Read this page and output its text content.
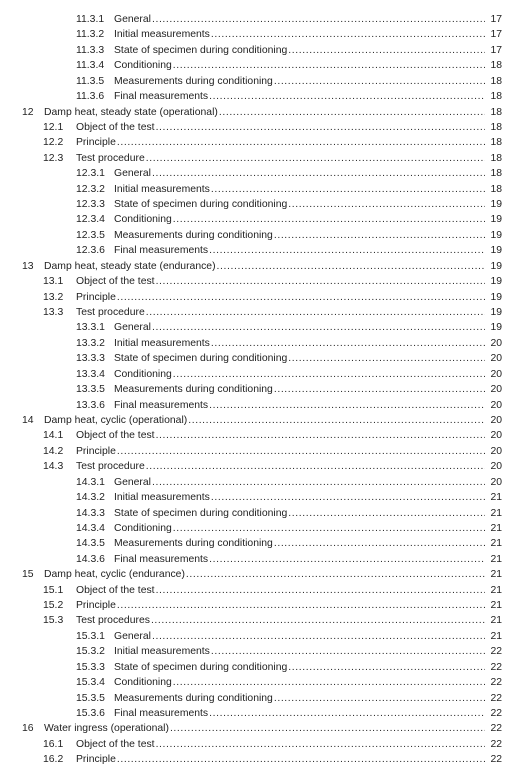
11.3.1 General .....	17
11.3.2 Initial measurements .....	17
11.3.3 State of specimen during conditioning .....	17
11.3.4 Conditioning .....	18
11.3.5 Measurements during conditioning .....	18
11.3.6 Final measurements .....	18
12	Damp heat, steady state (operational) .....	18
12.1	Object of the test .....	18
12.2	Principle .....	18
12.3	Test procedure .....	18
12.3.1 General .....	18
12.3.2 Initial measurements .....	18
12.3.3 State of specimen during conditioning .....	19
12.3.4 Conditioning .....	19
12.3.5 Measurements during conditioning .....	19
12.3.6 Final measurements .....	19
13	Damp heat, steady state (endurance) .....	19
13.1	Object of the test .....	19
13.2	Principle .....	19
13.3	Test procedure .....	19
13.3.1 General .....	19
13.3.2 Initial measurements .....	20
13.3.3 State of specimen during conditioning .....	20
13.3.4 Conditioning .....	20
13.3.5 Measurements during conditioning .....	20
13.3.6 Final measurements .....	20
14	Damp heat, cyclic (operational) .....	20
14.1	Object of the test .....	20
14.2	Principle .....	20
14.3	Test procedure .....	20
14.3.1 General .....	20
14.3.2 Initial measurements .....	21
14.3.3 State of specimen during conditioning .....	21
14.3.4 Conditioning .....	21
14.3.5 Measurements during conditioning .....	21
14.3.6 Final measurements .....	21
15	Damp heat, cyclic (endurance) .....	21
15.1	Object of the test .....	21
15.2	Principle .....	21
15.3	Test procedures .....	21
15.3.1 General .....	21
15.3.2 Initial measurements .....	22
15.3.3 State of specimen during conditioning .....	22
15.3.4 Conditioning .....	22
15.3.5 Measurements during conditioning .....	22
15.3.6 Final measurements .....	22
16	Water ingress (operational) .....	22
16.1	Object of the test .....	22
16.2	Principle .....	22
